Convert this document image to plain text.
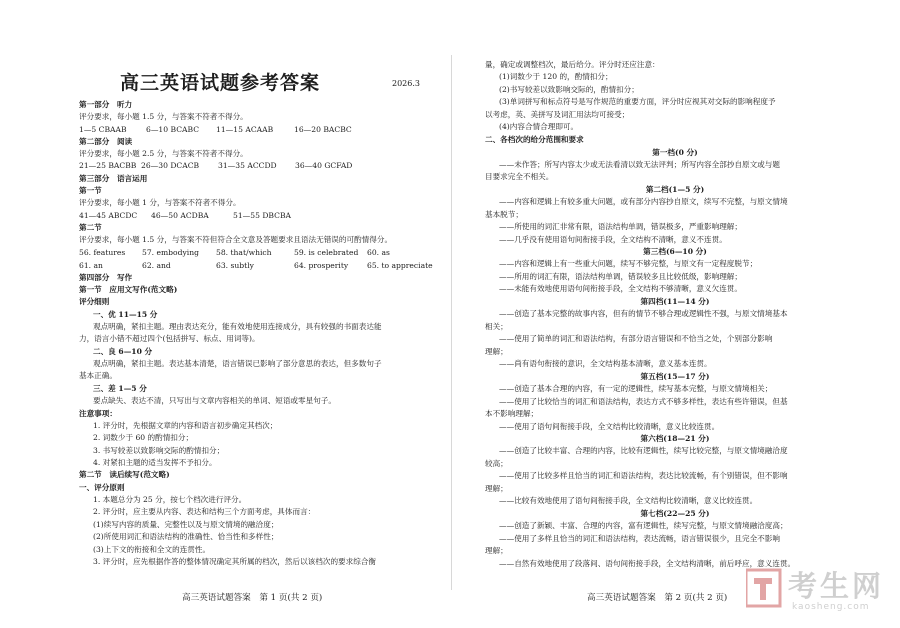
高三英语试题参考答案	2026.3
第一部分　听力
评分要求，每小题 1.5 分，与答案不符者不得分。
1—5 CBAAB	6—10 BCABC 11—15 ACAAB	16—20 BACBC
第二部分　阅读
评分要求，每小题 2.5 分，与答案不符者不得分。
21—25 BACBB 26—30 DCACB 31—35 ACCDD 36—40 GCFAD
第三部分　语言运用
第一节
评分要求，每小题 1 分，与答案不符者不得分。
41—45 ABCDC 46—50 ACDBA	51—55 DBCBA
第二节
评分要求，每小题 1.5 分，与答案不符但符合全文意及答题要求且语法无错误的可酌情得分。
56. features 57. embodying 58. that/which	59. is celebrated 60. as
61. an	62. and	63. subtly	64. prosperity 65. to appreciate
第四部分　写作
第一节　应用文写作(范文略)
评分细则
一、优 11—15 分
观点明确，紧扣主题。理由表达充分，能有效地使用连接成分，具有较强的书面表达能
力，语言小错不超过四个(包括拼写、标点、用词等)。
二、良 6—10 分
观点明确，紧扣主题。表达基本清楚，语言错误已影响了部分意思的表达，但多数句子
基本正确。
三、差 1—5 分
要点缺失、表达不清，只写出与文章内容相关的单词、短语或零星句子。
注意事项：
1. 评分时，先根据文章的内容和语言初步确定其档次；
2. 词数少于 60 的酌情扣分；
3. 书写较差以致影响交际的酌情扣分；
4. 对紧扣主题的适当发挥不予扣分。
第二节　读后续写(范文略)
一、评分原则
1. 本题总分为 25 分，按七个档次进行评分。
2. 评分时，应主要从内容、表达和结构三个方面考虑，具体而言：
(1)续写内容的质量、完整性以及与原文情境的融洽度；
(2)所使用词汇和语法结构的准确性、恰当性和多样性；
(3)上下文的衔接和全文的连贯性。
3. 评分时，应先根据作答的整体情况确定其所属的档次，然后以该档次的要求综合衡
高三英语试题答案　第 1 页(共 2 页)
量，确定或调整档次，最后给分。评分时还应注意：
(1)词数少于 120 的，酌情扣分；
(2)书写较差以致影响交际的，酌情扣分；
(3)单词拼写和标点符号是写作规范的重要方面，评分时应视其对交际的影响程度予
以考虑，英、美拼写及词汇用法均可接受；
(4)内容合情合理即可。
二、各档次的给分范围和要求
第一档(0 分)
——未作答；所写内容太少或无法看清以致无法评判；所写内容全部抄自原文或与题
目要求完全不相关。
第二档(1—5 分)
——内容和逻辑上有较多重大问题，或有部分内容抄自原文，续写不完整，与原文情境
基本脱节；
——所使用的词汇非常有限，语法结构单调，错误极多，严重影响理解；
——几乎没有使用语句间衔接手段，全文结构不清晰，意义不连贯。
第三档(6—10 分)
——内容和逻辑上有一些重大问题，续写不够完整，与原文有一定程度脱节；
——所用的词汇有限，语法结构单调，错误较多且比较低级，影响理解；
——未能有效地使用语句间衔接手段，全文结构不够清晰，意义欠连贯。
第四档(11—14 分)
——创造了基本完整的故事内容，但有的情节不够合理或逻辑性不强，与原文情境基本
相关；
——使用了简单的词汇和语法结构，有部分语言错误和不恰当之处，个别部分影响
理解；
——尚有语句衔接的意识，全文结构基本清晰，意义基本连贯。
第五档(15—17 分)
——创造了基本合理的内容，有一定的逻辑性，续写基本完整，与原文情境相关；
——使用了比较恰当的词汇和语法结构，表达方式不够多样性，表达有些许错误，但基
本不影响理解；
——使用了语句间衔接手段，全文结构比较清晰，意义比较连贯。
第六档(18—21 分)
——创造了比较丰富、合理的内容，比较有逻辑性，续写比较完整，与原文情境融洽度
较高；
——使用了比较多样且恰当的词汇和语法结构，表达比较流畅，有个别错误，但不影响
理解；
——比较有效地使用了语句间衔接手段，全文结构比较清晰，意义比较连贯。
第七档(22—25 分)
——创造了新颖、丰富、合理的内容，富有逻辑性，续写完整，与原文情境融洽度高；
——使用了多样且恰当的词汇和语法结构，表达流畅，语言错误很少，且完全不影响
理解；
——自然有效地使用了段落间、语句间衔接手段，全文结构清晰，前后呼应，意义连贯。
高三英语试题答案　第 2 页(共 2 页) 考生网
kaosheng.com
